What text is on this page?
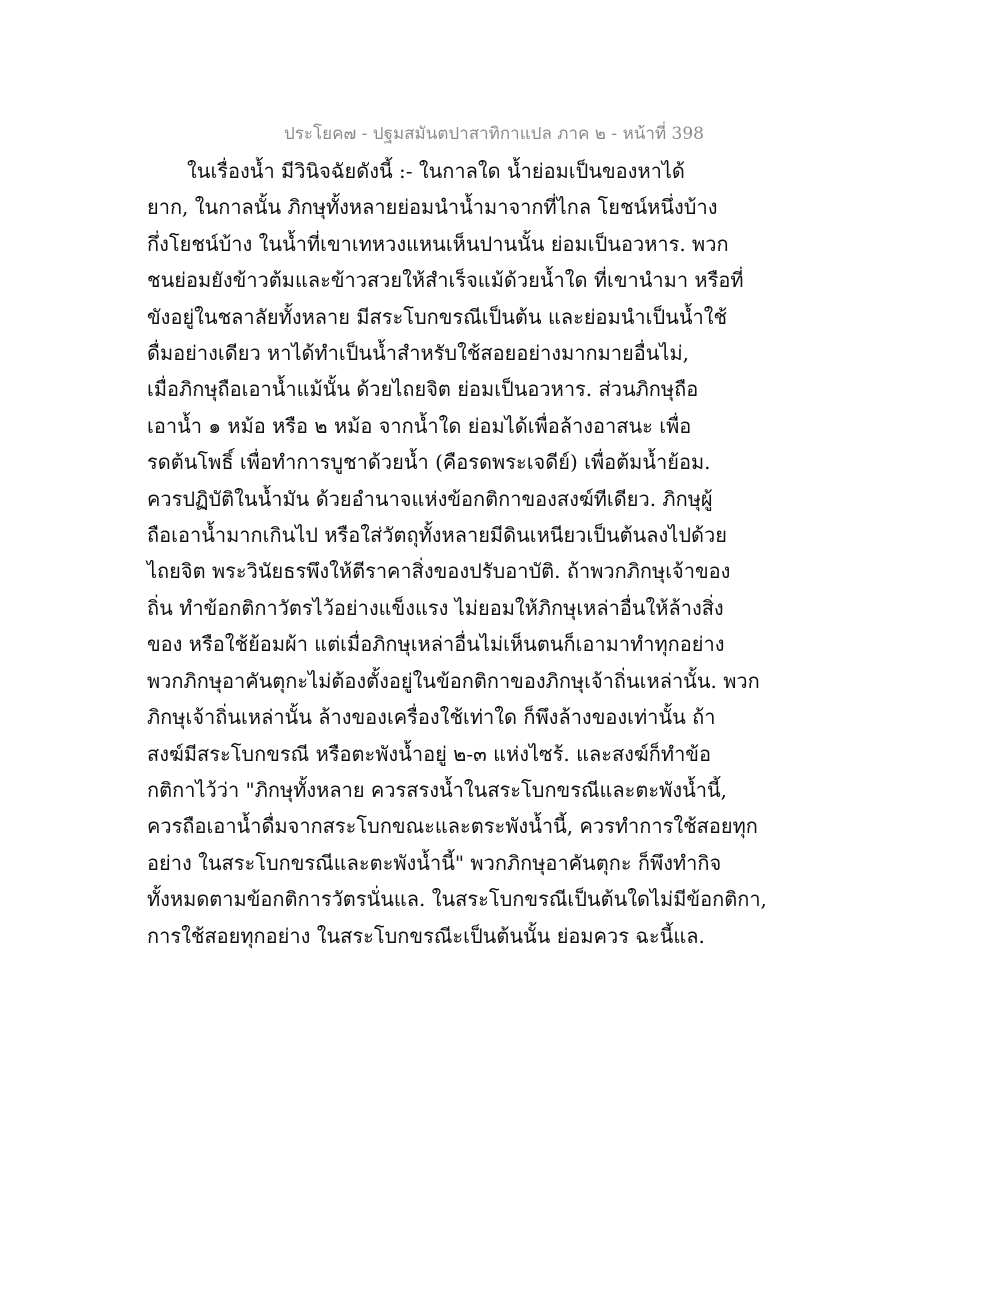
ประโยค๗ - ปฐมสมันตปาสาทิกาแปล ภาค ๒ - หน้าที่ 398
ในเรื่องน้ำ มีวินิจฉัยดังนี้ :- ในกาลใด น้ำย่อมเป็นของหาได้
ยาก, ในกาลนั้น ภิกษุทั้งหลายย่อมนำน้ำมาจากที่ไกล โยชน์หนึ่งบ้าง
กึ่งโยชน์บ้าง ในน้ำที่เขาเทหวงแหนเห็นปานนั้น ย่อมเป็นอวหาร. พวก
ชนย่อมยังข้าวต้มและข้าวสวยให้สำเร็จแม้ด้วยน้ำใด ที่เขานำมา หรือที่
ขังอยู่ในชลาลัยทั้งหลาย มีสระโบกขรณีเป็นต้น และย่อมนำเป็นน้ำใช้
ดื่มอย่างเดียว หาได้ทำเป็นน้ำสำหรับใช้สอยอย่างมากมายอื่นไม่,
เมื่อภิกษุถือเอาน้ำแม้นั้น ด้วยไถยจิต ย่อมเป็นอวหาร. ส่วนภิกษุถือ
เอาน้ำ ๑ หม้อ หรือ ๒ หม้อ จากน้ำใด ย่อมได้เพื่อล้างอาสนะ เพื่อ
รดต้นโพธิ์ เพื่อทำการบูชาด้วยน้ำ (คือรดพระเจดีย์) เพื่อต้มน้ำย้อม.
ควรปฏิบัติในน้ำมัน ด้วยอำนาจแห่งข้อกติกาของสงฆ์ทีเดียว. ภิกษุผู้
ถือเอาน้ำมากเกินไป หรือใส่วัตถุทั้งหลายมีดินเหนียวเป็นต้นลงไปด้วย
ไถยจิต พระวินัยธรพึงให้ตีราคาสิ่งของปรับอาบัติ. ถ้าพวกภิกษุเจ้าของ
ถิ่น ทำข้อกติกาวัตรไว้อย่างแข็งแรง ไม่ยอมให้ภิกษุเหล่าอื่นให้ล้างสิ่ง
ของ หรือใช้ย้อมผ้า แต่เมื่อภิกษุเหล่าอื่นไม่เห็นตนก็เอามาทำทุกอย่าง
พวกภิกษุอาคันตุกะไม่ต้องตั้งอยู่ในข้อกติกาของภิกษุเจ้าถิ่นเหล่านั้น. พวก
ภิกษุเจ้าถิ่นเหล่านั้น ล้างของเครื่องใช้เท่าใด ก็พึงล้างของเท่านั้น ถ้า
สงฆ์มีสระโบกขรณี หรือตะพังน้ำอยู่ ๒-๓ แห่งไซร้. และสงฆ์ก็ทำข้อ
กติกาไว้ว่า "ภิกษุทั้งหลาย ควรสรงน้ำในสระโบกขรณีและตะพังน้ำนี้,
ควรถือเอาน้ำดื่มจากสระโบกขณะและตระพังน้ำนี้, ควรทำการใช้สอยทุก
อย่าง ในสระโบกขรณีและตะพังน้ำนี้" พวกภิกษุอาคันตุกะ ก็พึงทำกิจ
ทั้งหมดตามข้อกติการวัตรนั่นแล. ในสระโบกขรณีเป็นต้นใดไม่มีข้อกติกา,
การใช้สอยทุกอย่าง ในสระโบกขรณีะเป็นต้นนั้น ย่อมควร ฉะนี้แล.
